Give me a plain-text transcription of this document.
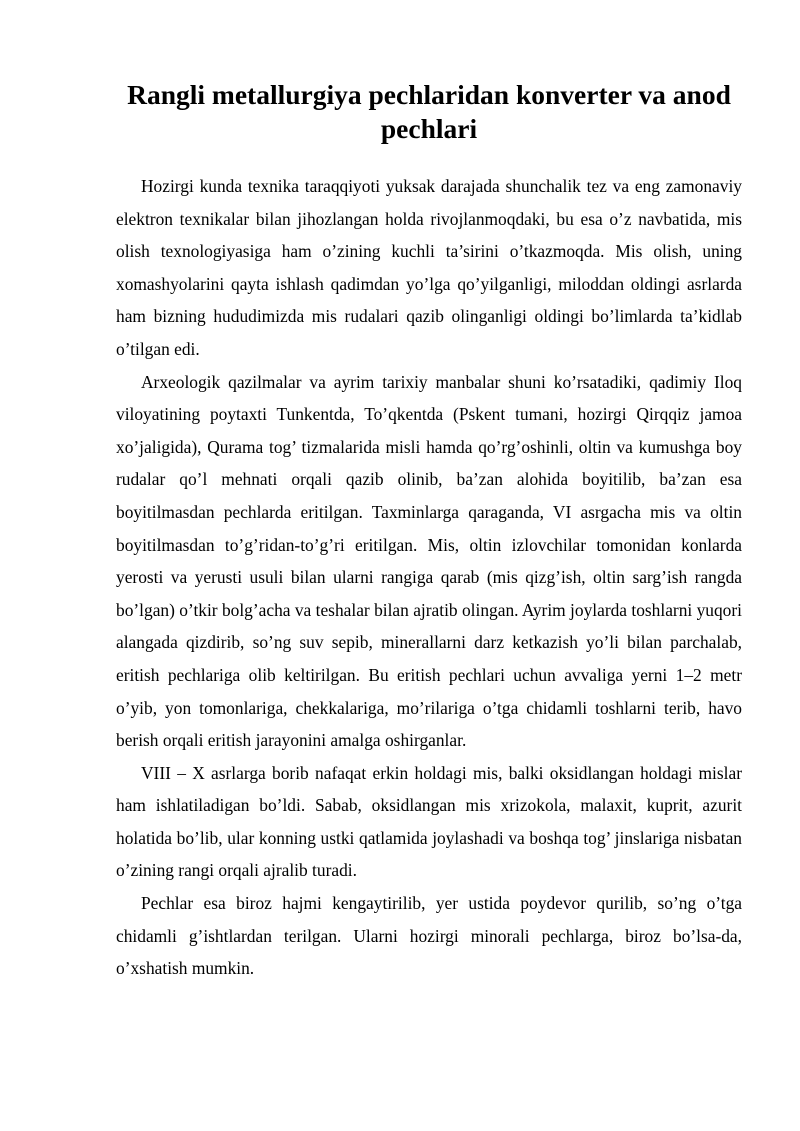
Rangli metallurgiya pechlaridan konverter va anod pechlari

Hozirgi kunda texnika taraqqiyoti yuksak darajada shunchalik tez va eng zamonaviy elektron texnikalar bilan jihozlangan holda rivojlanmoqdaki, bu esa o’z navbatida, mis olish texnologiyasiga ham o’zining kuchli ta’sirini o’tkazmoqda. Mis olish, uning xomashyolarini qayta ishlash qadimdan yo’lga qo’yilganligi, miloddan oldingi asrlarda ham bizning hududimizda mis rudalari qazib olinganligi oldingi bo’limlarda ta’kidlab o’tilgan edi.

Arxeologik qazilmalar va ayrim tarixiy manbalar shuni ko’rsatadiki, qadimiy Iloq viloyatining poytaxti Tunkentda, To’qkentda (Pskent tumani, hozirgi Qirqqiz jamoa xo’jaligida), Qurama tog’ tizmalarida misli hamda qo’rg’oshinli, oltin va kumushga boy rudalar qo’l mehnati orqali qazib olinib, ba’zan alohida boyitilib, ba’zan esa boyitilmasdan pechlarda eritilgan. Taxminlarga qaraganda, VI asrgacha mis va oltin boyitilmasdan to’g’ridan-to’g’ri eritilgan. Mis, oltin izlovchilar tomonidan konlarda yerosti va yerusti usuli bilan ularni rangiga qarab (mis qizg’ish, oltin sarg’ish rangda bo’lgan) o’tkir bolg’acha va teshalar bilan ajratib olingan. Ayrim joylarda toshlarni yuqori alangada qizdirib, so’ng suv sepib, minerallarni darz ketkazish yo’li bilan parchalab, eritish pechlariga olib keltirilgan. Bu eritish pechlari uchun avvaliga yerni 1–2 metr o’yib, yon tomonlariga, chekkalariga, mo’rilariga o’tga chidamli toshlarni terib, havo berish orqali eritish jarayonini amalga oshirganlar.

VIII – X asrlarga borib nafaqat erkin holdagi mis, balki oksidlangan holdagi mislar ham ishlatiladigan bo’ldi. Sabab, oksidlangan mis xrizokola, malaxit, kuprit, azurit holatida bo’lib, ular konning ustki qatlamida joylashadi va boshqa tog’ jinslariga nisbatan o’zining rangi orqali ajralib turadi.

Pechlar esa biroz hajmi kengaytirilib, yer ustida poydevor qurilib, so’ng o’tga chidamli g’ishtlardan terilgan. Ularni hozirgi minorali pechlarga, biroz bo’lsa-da, o’xshatish mumkin.
